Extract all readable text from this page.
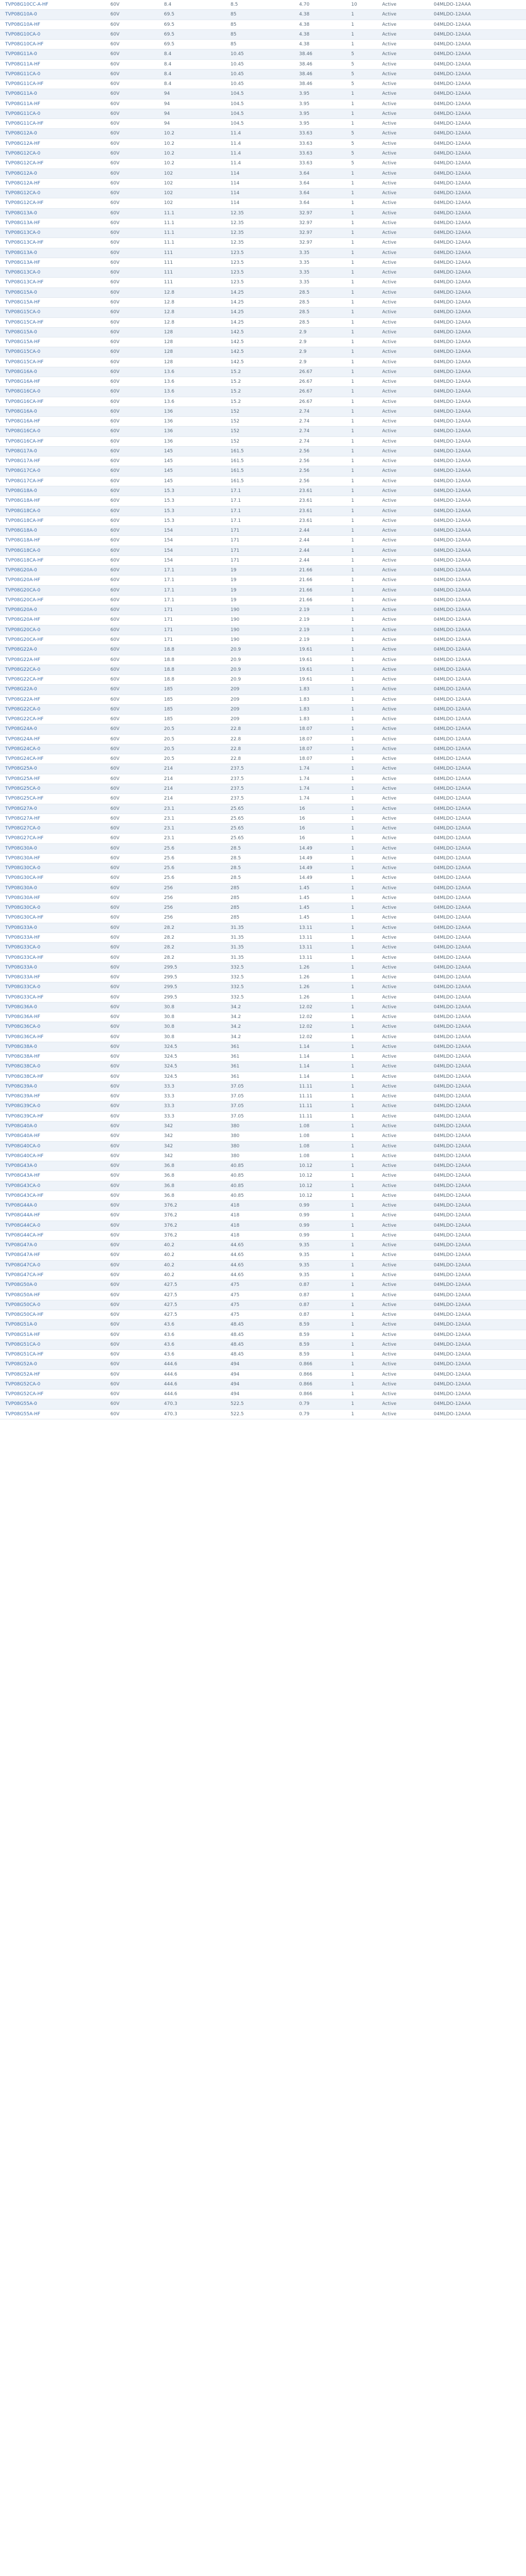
TVP08G10CC-A-HF	60V	8.4	8.5	4.70	10	Active	04MLDO-12AAA
TVP08G10A-0	60V	69.5	85	4.38	1	Active	04MLDO-12AAA
TVP08G10A-HF	60V	69.5	85	4.38	1	Active	04MLDO-12AAA
TVP08G10CA-0	60V	69.5	85	4.38	1	Active	04MLDO-12AAA
TVP08G10CA-HF	60V	69.5	85	4.38	1	Active	04MLDO-12AAA
TVP08G11A-0	60V	8.4	10.45	38.46	5	Active	04MLDO-12AAA
TVP08G11A-HF	60V	8.4	10.45	38.46	5	Active	04MLDO-12AAA
TVP08G11CA-0	60V	8.4	10.45	38.46	5	Active	04MLDO-12AAA
TVP08G11CA-HF	60V	8.4	10.45	38.46	5	Active	04MLDO-12AAA
TVP08G11A-0	60V	94	104.5	3.95	1	Active	04MLDO-12AAA
TVP08G11A-HF	60V	94	104.5	3.95	1	Active	04MLDO-12AAA
TVP08G11CA-0	60V	94	104.5	3.95	1	Active	04MLDO-12AAA
TVP08G11CA-HF	60V	94	104.5	3.95	1	Active	04MLDO-12AAA
TVP08G12A-0	60V	10.2	11.4	33.63	5	Active	04MLDO-12AAA
TVP08G12A-HF	60V	10.2	11.4	33.63	5	Active	04MLDO-12AAA
TVP08G12CA-0	60V	10.2	11.4	33.63	5	Active	04MLDO-12AAA
TVP08G12CA-HF	60V	10.2	11.4	33.63	5	Active	04MLDO-12AAA
TVP08G12A-0	60V	102	114	3.64	1	Active	04MLDO-12AAA
TVP08G12A-HF	60V	102	114	3.64	1	Active	04MLDO-12AAA
TVP08G12CA-0	60V	102	114	3.64	1	Active	04MLDO-12AAA
TVP08G12CA-HF	60V	102	114	3.64	1	Active	04MLDO-12AAA
TVP08G13A-0	60V	11.1	12.35	32.97	1	Active	04MLDO-12AAA
TVP08G13A-HF	60V	11.1	12.35	32.97	1	Active	04MLDO-12AAA
TVP08G13CA-0	60V	11.1	12.35	32.97	1	Active	04MLDO-12AAA
TVP08G13CA-HF	60V	11.1	12.35	32.97	1	Active	04MLDO-12AAA
TVP08G13A-0	60V	111	123.5	3.35	1	Active	04MLDO-12AAA
TVP08G13A-HF	60V	111	123.5	3.35	1	Active	04MLDO-12AAA
TVP08G13CA-0	60V	111	123.5	3.35	1	Active	04MLDO-12AAA
TVP08G13CA-HF	60V	111	123.5	3.35	1	Active	04MLDO-12AAA
TVP08G15A-0	60V	12.8	14.25	28.5	1	Active	04MLDO-12AAA
TVP08G15A-HF	60V	12.8	14.25	28.5	1	Active	04MLDO-12AAA
TVP08G15CA-0	60V	12.8	14.25	28.5	1	Active	04MLDO-12AAA
TVP08G15CA-HF	60V	12.8	14.25	28.5	1	Active	04MLDO-12AAA
TVP08G15A-0	60V	128	142.5	2.9	1	Active	04MLDO-12AAA
TVP08G15A-HF	60V	128	142.5	2.9	1	Active	04MLDO-12AAA
TVP08G15CA-0	60V	128	142.5	2.9	1	Active	04MLDO-12AAA
TVP08G15CA-HF	60V	128	142.5	2.9	1	Active	04MLDO-12AAA
TVP08G16A-0	60V	13.6	15.2	26.67	1	Active	04MLDO-12AAA
TVP08G16A-HF	60V	13.6	15.2	26.67	1	Active	04MLDO-12AAA
TVP08G16CA-0	60V	13.6	15.2	26.67	1	Active	04MLDO-12AAA
TVP08G16CA-HF	60V	13.6	15.2	26.67	1	Active	04MLDO-12AAA
TVP08G16A-0	60V	136	152	2.74	1	Active	04MLDO-12AAA
TVP08G16A-HF	60V	136	152	2.74	1	Active	04MLDO-12AAA
TVP08G16CA-0	60V	136	152	2.74	1	Active	04MLDO-12AAA
TVP08G16CA-HF	60V	136	152	2.74	1	Active	04MLDO-12AAA
TVP08G17A-0	60V	145	161.5	2.56	1	Active	04MLDO-12AAA
TVP08G17A-HF	60V	145	161.5	2.56	1	Active	04MLDO-12AAA
TVP08G17CA-0	60V	145	161.5	2.56	1	Active	04MLDO-12AAA
TVP08G17CA-HF	60V	145	161.5	2.56	1	Active	04MLDO-12AAA
TVP08G18A-0	60V	15.3	17.1	23.61	1	Active	04MLDO-12AAA
TVP08G18A-HF	60V	15.3	17.1	23.61	1	Active	04MLDO-12AAA
TVP08G18CA-0	60V	15.3	17.1	23.61	1	Active	04MLDO-12AAA
TVP08G18CA-HF	60V	15.3	17.1	23.61	1	Active	04MLDO-12AAA
TVP08G18A-0	60V	154	171	2.44	1	Active	04MLDO-12AAA
TVP08G18A-HF	60V	154	171	2.44	1	Active	04MLDO-12AAA
TVP08G18CA-0	60V	154	171	2.44	1	Active	04MLDO-12AAA
TVP08G18CA-HF	60V	154	171	2.44	1	Active	04MLDO-12AAA
TVP08G20A-0	60V	17.1	19	21.66	1	Active	04MLDO-12AAA
TVP08G20A-HF	60V	17.1	19	21.66	1	Active	04MLDO-12AAA
TVP08G20CA-0	60V	17.1	19	21.66	1	Active	04MLDO-12AAA
TVP08G20CA-HF	60V	17.1	19	21.66	1	Active	04MLDO-12AAA
TVP08G20A-0	60V	171	190	2.19	1	Active	04MLDO-12AAA
TVP08G20A-HF	60V	171	190	2.19	1	Active	04MLDO-12AAA
TVP08G20CA-0	60V	171	190	2.19	1	Active	04MLDO-12AAA
TVP08G20CA-HF	60V	171	190	2.19	1	Active	04MLDO-12AAA
TVP08G22A-0	60V	18.8	20.9	19.61	1	Active	04MLDO-12AAA
TVP08G22A-HF	60V	18.8	20.9	19.61	1	Active	04MLDO-12AAA
TVP08G22CA-0	60V	18.8	20.9	19.61	1	Active	04MLDO-12AAA
TVP08G22CA-HF	60V	18.8	20.9	19.61	1	Active	04MLDO-12AAA
TVP08G22A-0	60V	185	209	1.83	1	Active	04MLDO-12AAA
TVP08G22A-HF	60V	185	209	1.83	1	Active	04MLDO-12AAA
TVP08G22CA-0	60V	185	209	1.83	1	Active	04MLDO-12AAA
TVP08G22CA-HF	60V	185	209	1.83	1	Active	04MLDO-12AAA
TVP08G24A-0	60V	20.5	22.8	18.07	1	Active	04MLDO-12AAA
TVP08G24A-HF	60V	20.5	22.8	18.07	1	Active	04MLDO-12AAA
TVP08G24CA-0	60V	20.5	22.8	18.07	1	Active	04MLDO-12AAA
TVP08G24CA-HF	60V	20.5	22.8	18.07	1	Active	04MLDO-12AAA
TVP08G25A-0	60V	214	237.5	1.74	1	Active	04MLDO-12AAA
TVP08G25A-HF	60V	214	237.5	1.74	1	Active	04MLDO-12AAA
TVP08G25CA-0	60V	214	237.5	1.74	1	Active	04MLDO-12AAA
TVP08G25CA-HF	60V	214	237.5	1.74	1	Active	04MLDO-12AAA
TVP08G27A-0	60V	23.1	25.65	16	1	Active	04MLDO-12AAA
TVP08G27A-HF	60V	23.1	25.65	16	1	Active	04MLDO-12AAA
TVP08G27CA-0	60V	23.1	25.65	16	1	Active	04MLDO-12AAA
TVP08G27CA-HF	60V	23.1	25.65	16	1	Active	04MLDO-12AAA
TVP08G30A-0	60V	25.6	28.5	14.49	1	Active	04MLDO-12AAA
TVP08G30A-HF	60V	25.6	28.5	14.49	1	Active	04MLDO-12AAA
TVP08G30CA-0	60V	25.6	28.5	14.49	1	Active	04MLDO-12AAA
TVP08G30CA-HF	60V	25.6	28.5	14.49	1	Active	04MLDO-12AAA
TVP08G30A-0	60V	256	285	1.45	1	Active	04MLDO-12AAA
TVP08G30A-HF	60V	256	285	1.45	1	Active	04MLDO-12AAA
TVP08G30CA-0	60V	256	285	1.45	1	Active	04MLDO-12AAA
TVP08G30CA-HF	60V	256	285	1.45	1	Active	04MLDO-12AAA
TVP08G33A-0	60V	28.2	31.35	13.11	1	Active	04MLDO-12AAA
TVP08G33A-HF	60V	28.2	31.35	13.11	1	Active	04MLDO-12AAA
TVP08G33CA-0	60V	28.2	31.35	13.11	1	Active	04MLDO-12AAA
TVP08G33CA-HF	60V	28.2	31.35	13.11	1	Active	04MLDO-12AAA
TVP08G33A-0	60V	299.5	332.5	1.26	1	Active	04MLDO-12AAA
TVP08G33A-HF	60V	299.5	332.5	1.26	1	Active	04MLDO-12AAA
TVP08G33CA-0	60V	299.5	332.5	1.26	1	Active	04MLDO-12AAA
TVP08G33CA-HF	60V	299.5	332.5	1.26	1	Active	04MLDO-12AAA
TVP08G36A-0	60V	30.8	34.2	12.02	1	Active	04MLDO-12AAA
TVP08G36A-HF	60V	30.8	34.2	12.02	1	Active	04MLDO-12AAA
TVP08G36CA-0	60V	30.8	34.2	12.02	1	Active	04MLDO-12AAA
TVP08G36CA-HF	60V	30.8	34.2	12.02	1	Active	04MLDO-12AAA
TVP08G38A-0	60V	324.5	361	1.14	1	Active	04MLDO-12AAA
TVP08G38A-HF	60V	324.5	361	1.14	1	Active	04MLDO-12AAA
TVP08G38CA-0	60V	324.5	361	1.14	1	Active	04MLDO-12AAA
TVP08G38CA-HF	60V	324.5	361	1.14	1	Active	04MLDO-12AAA
TVP08G39A-0	60V	33.3	37.05	11.11	1	Active	04MLDO-12AAA
TVP08G39A-HF	60V	33.3	37.05	11.11	1	Active	04MLDO-12AAA
TVP08G39CA-0	60V	33.3	37.05	11.11	1	Active	04MLDO-12AAA
TVP08G39CA-HF	60V	33.3	37.05	11.11	1	Active	04MLDO-12AAA
TVP08G40A-0	60V	342	380	1.08	1	Active	04MLDO-12AAA
TVP08G40A-HF	60V	342	380	1.08	1	Active	04MLDO-12AAA
TVP08G40CA-0	60V	342	380	1.08	1	Active	04MLDO-12AAA
TVP08G40CA-HF	60V	342	380	1.08	1	Active	04MLDO-12AAA
TVP08G43A-0	60V	36.8	40.85	10.12	1	Active	04MLDO-12AAA
TVP08G43A-HF	60V	36.8	40.85	10.12	1	Active	04MLDO-12AAA
TVP08G43CA-0	60V	36.8	40.85	10.12	1	Active	04MLDO-12AAA
TVP08G43CA-HF	60V	36.8	40.85	10.12	1	Active	04MLDO-12AAA
TVP08G44A-0	60V	376.2	418	0.99	1	Active	04MLDO-12AAA
TVP08G44A-HF	60V	376.2	418	0.99	1	Active	04MLDO-12AAA
TVP08G44CA-0	60V	376.2	418	0.99	1	Active	04MLDO-12AAA
TVP08G44CA-HF	60V	376.2	418	0.99	1	Active	04MLDO-12AAA
TVP08G47A-0	60V	40.2	44.65	9.35	1	Active	04MLDO-12AAA
TVP08G47A-HF	60V	40.2	44.65	9.35	1	Active	04MLDO-12AAA
TVP08G47CA-0	60V	40.2	44.65	9.35	1	Active	04MLDO-12AAA
TVP08G47CA-HF	60V	40.2	44.65	9.35	1	Active	04MLDO-12AAA
TVP08G50A-0	60V	427.5	475	0.87	1	Active	04MLDO-12AAA
TVP08G50A-HF	60V	427.5	475	0.87	1	Active	04MLDO-12AAA
TVP08G50CA-0	60V	427.5	475	0.87	1	Active	04MLDO-12AAA
TVP08G50CA-HF	60V	427.5	475	0.87	1	Active	04MLDO-12AAA
TVP08G51A-0	60V	43.6	48.45	8.59	1	Active	04MLDO-12AAA
TVP08G51A-HF	60V	43.6	48.45	8.59	1	Active	04MLDO-12AAA
TVP08G51CA-0	60V	43.6	48.45	8.59	1	Active	04MLDO-12AAA
TVP08G51CA-HF	60V	43.6	48.45	8.59	1	Active	04MLDO-12AAA
TVP08G52A-0	60V	444.6	494	0.866	1	Active	04MLDO-12AAA
TVP08G52A-HF	60V	444.6	494	0.866	1	Active	04MLDO-12AAA
TVP08G52CA-0	60V	444.6	494	0.866	1	Active	04MLDO-12AAA
TVP08G52CA-HF	60V	444.6	494	0.866	1	Active	04MLDO-12AAA
TVP08G55A-0	60V	470.3	522.5	0.79	1	Active	04MLDO-12AAA
TVP08G55A-HF	60V	470.3	522.5	0.79	1	Active	04MLDO-12AAA
